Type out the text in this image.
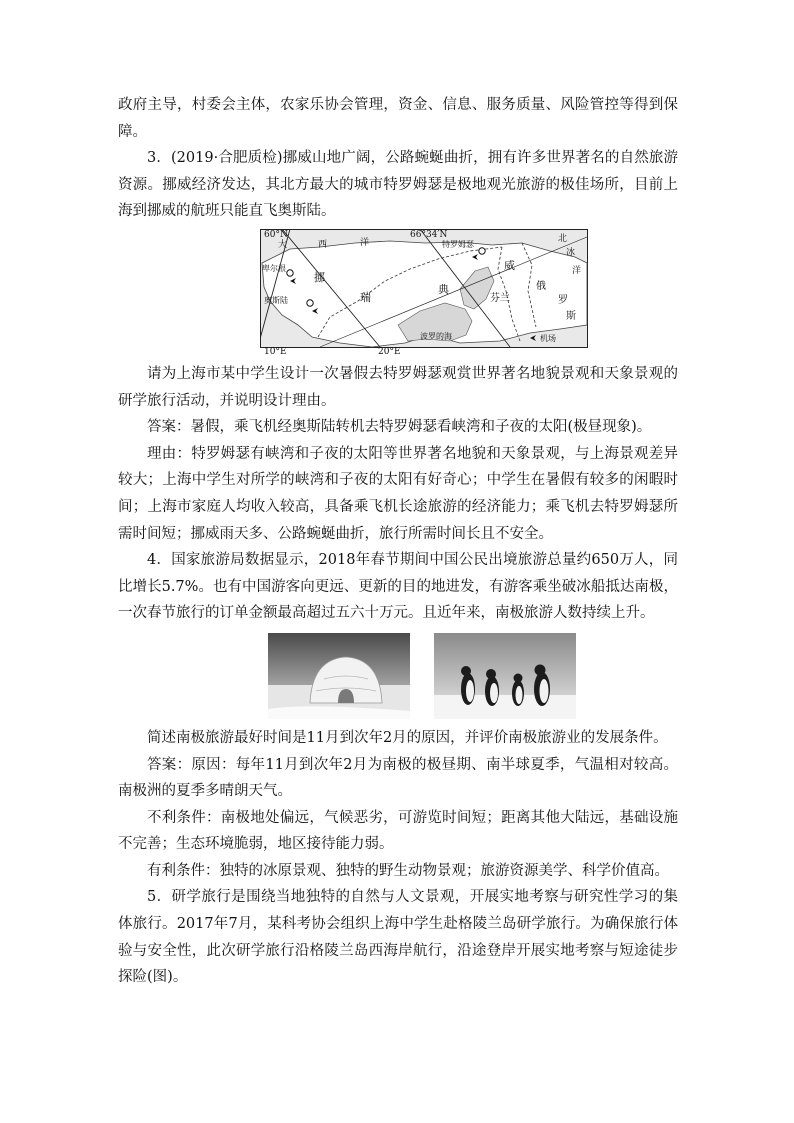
政府主导，村委会主体，农家乐协会管理，资金、信息、服务质量、风险管控等得到保障。

3．(2019·合肥质检)挪威山地广阔，公路蜿蜒曲折，拥有许多世界著名的自然旅游资源。挪威经济发达，其北方最大的城市特罗姆瑟是极地观光旅游的极佳场所，目前上海到挪威的航班只能直飞奥斯陆。

60°N	66°34′N
大	西	洋	北
冰
洋
特罗姆瑟
卑尔根
奥斯陆
挪
威
瑞
典
芬兰
俄
罗
斯
波罗的海	机场
10°E	20°E

请为上海市某中学生设计一次暑假去特罗姆瑟观赏世界著名地貌景观和天象景观的研学旅行活动，并说明设计理由。

答案：暑假，乘飞机经奥斯陆转机去特罗姆瑟看峡湾和子夜的太阳(极昼现象)。

理由：特罗姆瑟有峡湾和子夜的太阳等世界著名地貌和天象景观，与上海景观差异较大；上海中学生对所学的峡湾和子夜的太阳有好奇心；中学生在暑假有较多的闲暇时间；上海市家庭人均收入较高，具备乘飞机长途旅游的经济能力；乘飞机去特罗姆瑟所需时间短；挪威雨天多、公路蜿蜒曲折，旅行所需时间长且不安全。

4．国家旅游局数据显示，2018年春节期间中国公民出境旅游总量约650万人，同比增长5.7%。也有中国游客向更远、更新的目的地进发，有游客乘坐破冰船抵达南极，一次春节旅行的订单金额最高超过五六十万元。且近年来，南极旅游人数持续上升。

简述南极旅游最好时间是11月到次年2月的原因，并评价南极旅游业的发展条件。

答案：原因：每年11月到次年2月为南极的极昼期、南半球夏季，气温相对较高。南极洲的夏季多晴朗天气。

不利条件：南极地处偏远，气候恶劣，可游览时间短；距离其他大陆远，基础设施不完善；生态环境脆弱，地区接待能力弱。

有利条件：独特的冰原景观、独特的野生动物景观；旅游资源美学、科学价值高。

5．研学旅行是围绕当地独特的自然与人文景观，开展实地考察与研究性学习的集体旅行。2017年7月，某科考协会组织上海中学生赴格陵兰岛研学旅行。为确保旅行体验与安全性，此次研学旅行沿格陵兰岛西海岸航行，沿途登岸开展实地考察与短途徒步探险(图)。
